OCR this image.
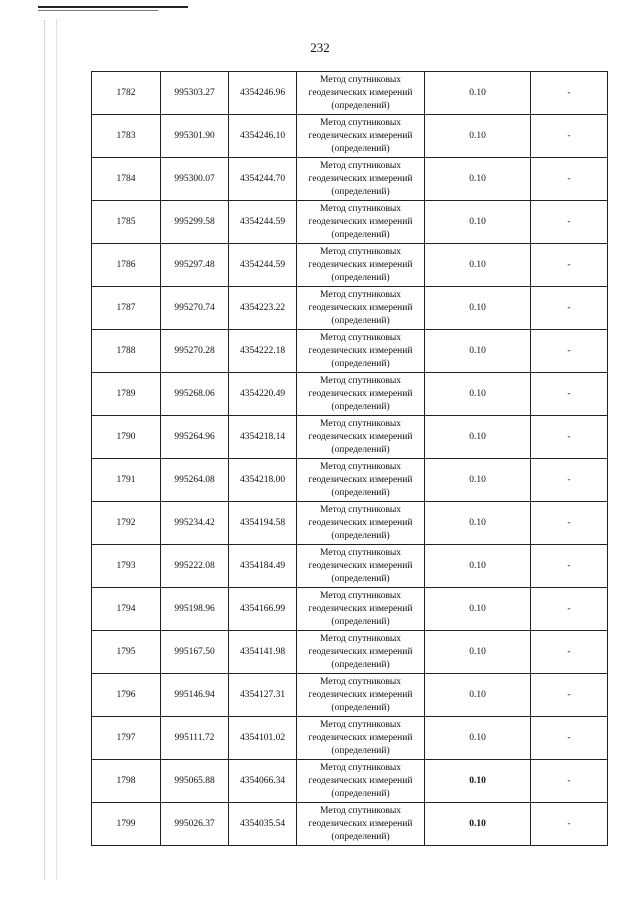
232
1782	995303.27	4354246.96	Метод спутниковых
геодезических измерений
(определений)	0.10	-
1783	995301.90	4354246.10	Метод спутниковых
геодезических измерений
(определений)	0.10	-
1784	995300.07	4354244.70	Метод спутниковых
геодезических измерений
(определений)	0.10	-
1785	995299.58	4354244.59	Метод спутниковых
геодезических измерений
(определений)	0.10	-
1786	995297.48	4354244.59	Метод спутниковых
геодезических измерений
(определений)	0.10	-
1787	995270.74	4354223.22	Метод спутниковых
геодезических измерений
(определений)	0.10	-
1788	995270.28	4354222.18	Метод спутниковых
геодезических измерений
(определений)	0.10	-
1789	995268.06	4354220.49	Метод спутниковых
геодезических измерений
(определений)	0.10	-
1790	995264.96	4354218.14	Метод спутниковых
геодезических измерений
(определений)	0.10	-
1791	995264.08	4354218.00	Метод спутниковых
геодезических измерений
(определений)	0.10	-
1792	995234.42	4354194.58	Метод спутниковых
геодезических измерений
(определений)	0.10	-
1793	995222.08	4354184.49	Метод спутниковых
геодезических измерений
(определений)	0.10	-
1794	995198.96	4354166.99	Метод спутниковых
геодезических измерений
(определений)	0.10	-
1795	995167.50	4354141.98	Метод спутниковых
геодезических измерений
(определений)	0.10	-
1796	995146.94	4354127.31	Метод спутниковых
геодезических измерений
(определений)	0.10	-
1797	995111.72	4354101.02	Метод спутниковых
геодезических измерений
(определений)	0.10	-
1798	995065.88	4354066.34	Метод спутниковых
геодезических измерений
(определений)	0.10	-
1799	995026.37	4354035.54	Метод спутниковых
геодезических измерений
(определений)	0.10	-
